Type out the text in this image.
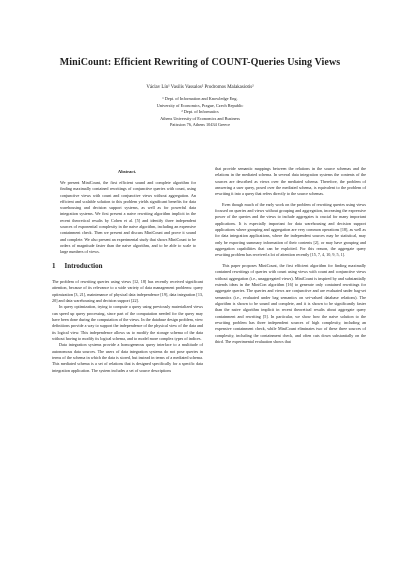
MiniCount: Efficient Rewriting of COUNT-Queries Using Views
Václav Lín¹ Vasilis Vassalos² Prodromos Malakasiotis²
¹ Dept. of Information and Knowledge Eng.
University of Economics, Prague, Czech Republic
² Dept. of Informatics
Athens University of Economics and Business
Patission 76, Athens 10434 Greece
Abstract.
We present MiniCount, the first efficient sound and complete algorithm for finding maximally contained rewritings of conjunctive queries with count, using conjunctive views with count and conjunctive views without aggregation. An efficient and scalable solution to this problem yields significant benefits for data warehousing and decision support systems, as well as for powerful data integration systems. We first present a naive rewriting algorithm implicit in the recent theoretical results by Cohen et al. [5] and identify three independent sources of exponential complexity in the naive algorithm, including an expensive containment check. Then we present and discuss MiniCount and prove it sound and complete. We also present an experimental study that shows MiniCount to be orders of magnitude faster than the naive algorithm, and to be able to scale to large numbers of views.
1 Introduction

The problem of rewriting queries using views [12, 18] has recently received significant attention, because of its relevance to a wide variety of data management problems: query optimization [3, 21], maintenance of physical data independence [19], data integration [13, 20] and data warehousing and decision support [22].

In query optimization, trying to compute a query using previously materialized views can speed up query processing, since part of the computation needed for the query may have been done during the computation of the views. In the database design problem, view definitions provide a way to support the independence of the physical view of the data and its logical view. This independence allows us to modify the storage schema of the data without having to modify its logical schema, and to model more complex types of indices.

Data integration systems provide a homogeneous query interface to a multitude of autonomous data sources. The users of data integration systems do not pose queries in terms of the schema in which the data is stored, but instead in terms of a mediated schema. This mediated schema is a set of relations that is designed specifically for a specific data integration application. The system includes a set of source descriptions

that provide semantic mappings between the relations in the source schemas and the relations in the mediated schema. In several data integration systems the contents of the sources are described as views over the mediated schema. Therefore, the problem of answering a user query, posed over the mediated schema, is equivalent to the problem of rewriting it into a query that refers directly to the source schemas.

Even though much of the early work on the problem of rewriting queries using views focused on queries and views without grouping and aggregation, increasing the expressive power of the queries and the views to include aggregates is crucial for many important applications. It is especially important for data warehousing and decision support applications where grouping and aggregation are very common operations [18], as well as for data integration applications, where the independent sources may be statistical, may only be exporting summary information of their contents [2], or may have grouping and aggregation capabilities that can be exploited. For this reason, the aggregate query rewriting problem has received a lot of attention recently [15, 7, 4, 10, 9, 5, 1].

This paper proposes MiniCount, the first efficient algorithm for finding maximally contained rewritings of queries with count using views with count and conjunctive views without aggregation (i.e., unaggregated views). MiniCount is inspired by and substantially extends ideas in the MiniCon algorithm [16] to generate only contained rewritings for aggregate queries. The queries and views are conjunctive and are evaluated under bag-set semantics (i.e., evaluated under bag semantics on set-valued database relations). The algorithm is shown to be sound and complete, and it is shown to be significantly faster than the naive algorithm implicit in recent theoretical results about aggregate query containment and rewriting [5]. In particular, we show how the naive solution to the rewriting problem has three independent sources of high complexity, including an expensive containment check, while MiniCount eliminates two of these three sources of complexity, including the containment check, and often cuts down substantially on the third. The experimental evaluation shows that
